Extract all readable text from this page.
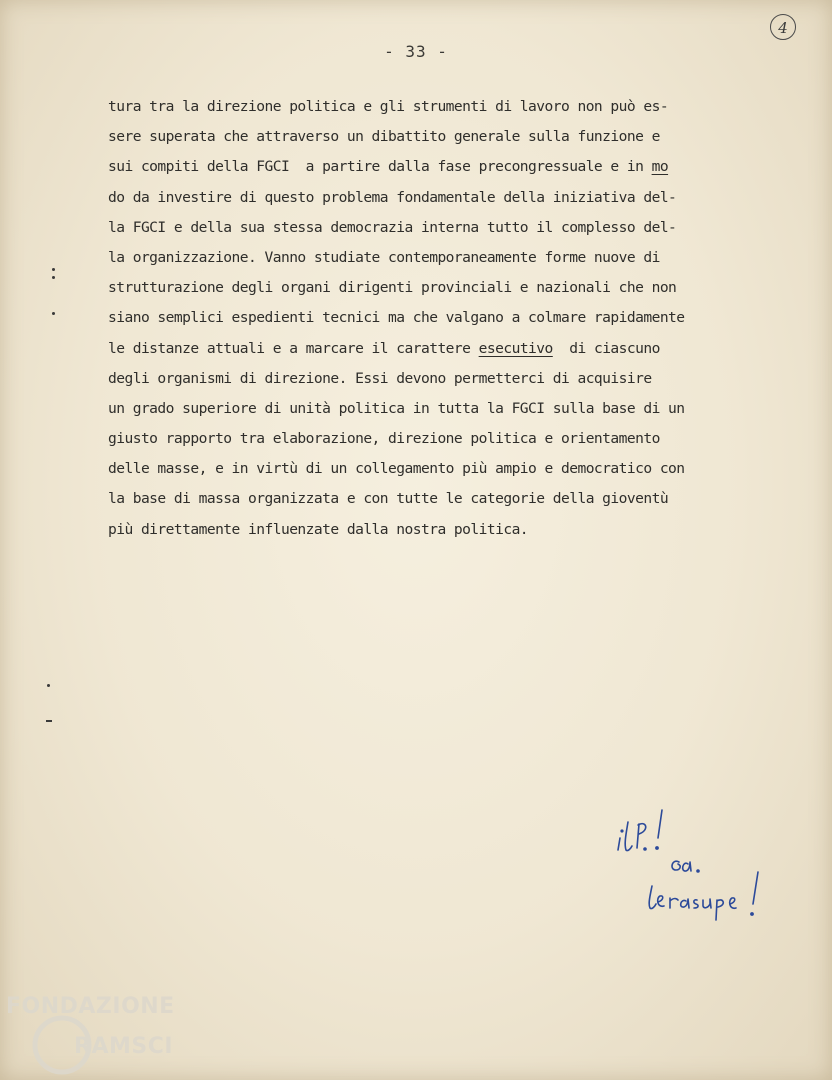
- 33 -
4
tura tra la direzione politica e gli strumenti di lavoro non può es-
sere superata che attraverso un dibattito generale sulla funzione e
sui compiti della FGCI  a partire dalla fase precongressuale e in mo
do da investire di questo problema fondamentale della iniziativa del-
la FGCI e della sua stessa democrazia interna tutto il complesso del-
la organizzazione. Vanno studiate contemporaneamente forme nuove di
strutturazione degli organi dirigenti provinciali e nazionali che non
siano semplici espedienti tecnici ma che valgano a colmare rapidamente
le distanze attuali e a marcare il carattere esecutivo  di ciascuno
degli organismi di direzione. Essi devono permetterci di acquisire
un grado superiore di unità politica in tutta la FGCI sulla base di un
giusto rapporto tra elaborazione, direzione politica e orientamento
delle masse, e in virtù di un collegamento più ampio e democratico con
la base di massa organizzata e con tutte le categorie della gioventù
più direttamente influenzate dalla nostra politica.
FONDAZIONE
RAMSCI
